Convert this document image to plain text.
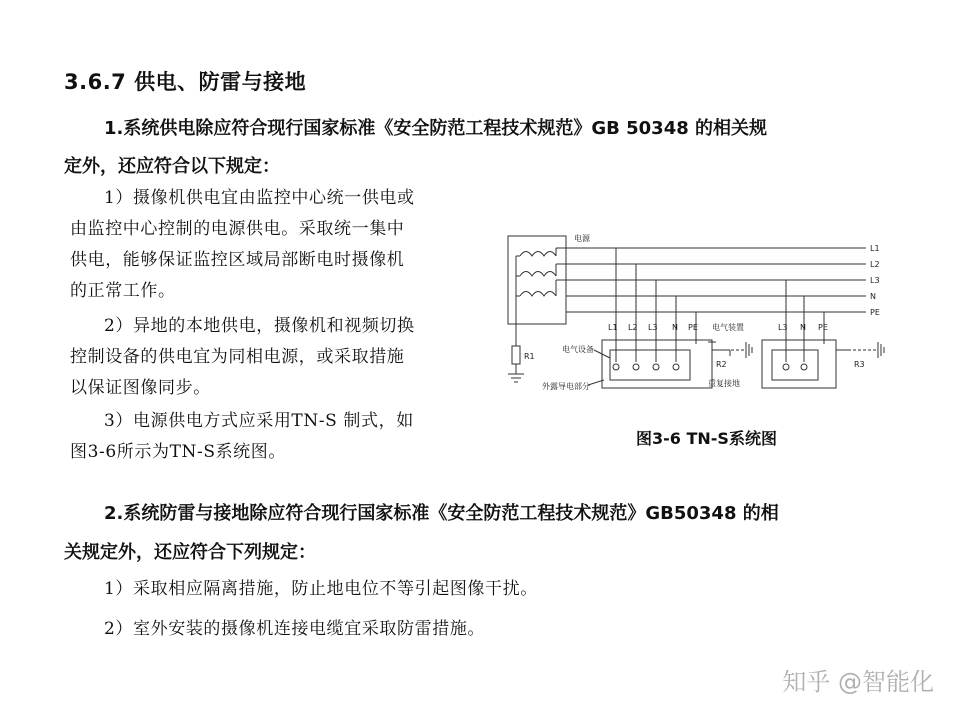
3.6.7 供电、防雷与接地
1.系统供电除应符合现行国家标准《安全防范工程技术规范》GB 50348 的相关规
定外，还应符合以下规定：
1）摄像机供电宜由监控中心统一供电或
由监控中心控制的电源供电。采取统一集中
供电，能够保证监控区域局部断电时摄像机
的正常工作。
2）异地的本地供电，摄像机和视频切换
控制设备的供电宜为同相电源，或采取措施
以保证图像同步。
3）电源供电方式应采用TN-S 制式，如
图3-6所示为TN-S系统图。
电源
L1
L2
L3
N
PE
R1
L1 L2 L3 N PE
电气设备
外露导电部分
电气装置
R2
重复接地
L3 N PE
R3
图3-6 TN-S系统图
2.系统防雷与接地除应符合现行国家标准《安全防范工程技术规范》GB50348 的相
关规定外，还应符合下列规定：
1）采取相应隔离措施，防止地电位不等引起图像干扰。
2）室外安装的摄像机连接电缆宜采取防雷措施。
知乎 @智能化
